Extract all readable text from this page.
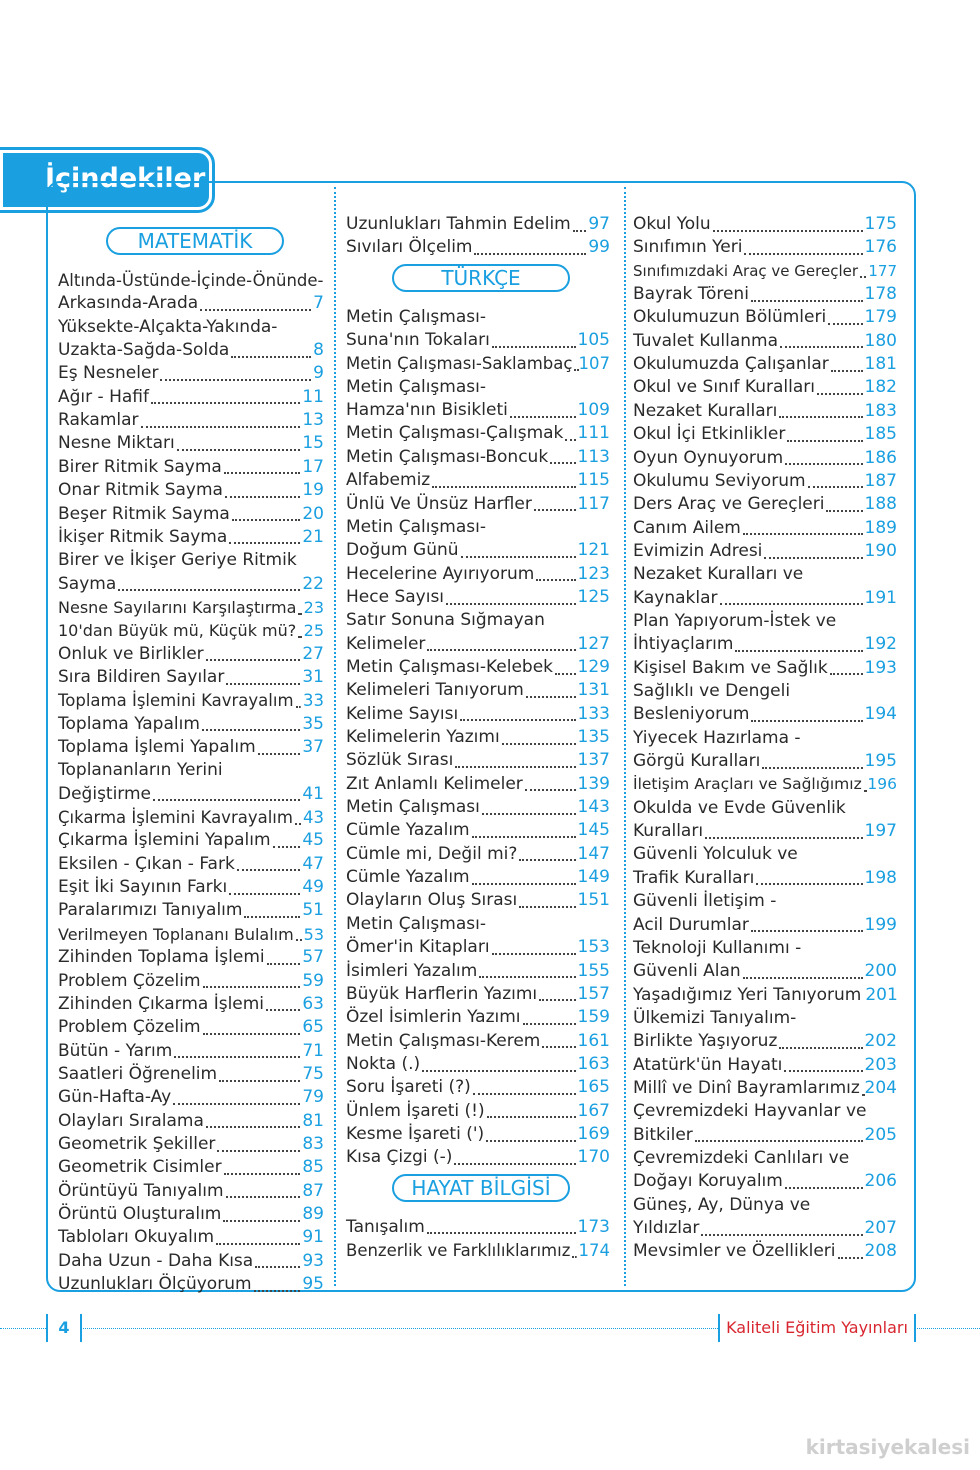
İçindekiler
MATEMATİK
Altında-Üstünde-İçinde-Önünde-
Arkasında-Arada	7
Yüksekte-Alçakta-Yakında-
Uzakta-Sağda-Solda	8
Eş Nesneler	9
Ağır - Hafif	11
Rakamlar	13
Nesne Miktarı	15
Birer Ritmik Sayma	17
Onar Ritmik Sayma	19
Beşer Ritmik Sayma	20
İkişer Ritmik Sayma	21
Birer ve İkişer Geriye Ritmik
Sayma	22
Nesne Sayılarını Karşılaştırma 23
10'dan Büyük mü, Küçük mü? 25
Onluk ve Birlikler	27
Sıra Bildiren Sayılar	31
Toplama İşlemini Kavrayalım 33
Toplama Yapalım	35
Toplama İşlemi Yapalım	37
Toplananların Yerini
Değiştirme	41
Çıkarma İşlemini Kavrayalım 43
Çıkarma İşlemini Yapalım 45
Eksilen - Çıkan - Fark	47
Eşit İki Sayının Farkı	49
Paralarımızı Tanıyalım	51
Verilmeyen Toplananı Bulalım 53
Zihinden Toplama İşlemi 57
Problem Çözelim	59
Zihinden Çıkarma İşlemi 63
Problem Çözelim	65
Bütün - Yarım	71
Saatleri Öğrenelim	75
Gün-Hafta-Ay	79
Olayları Sıralama	81
Geometrik Şekiller	83
Geometrik Cisimler	85
Örüntüyü Tanıyalım	87
Örüntü Oluşturalım	89
Tabloları Okuyalım	91
Daha Uzun - Daha Kısa	93
Uzunlukları Ölçüyorum	95
Uzunlukları Tahmin Edelim 97
Sıvıları Ölçelim	99
TÜRKÇE
Metin Çalışması-
Suna'nın Tokaları	105
Metin Çalışması-Saklambaç 107
Metin Çalışması-
Hamza'nın Bisikleti	109
Metin Çalışması-Çalışmak 111
Metin Çalışması-Boncuk 113
Alfabemiz	115
Ünlü Ve Ünsüz Harfler	117
Metin Çalışması-
Doğum Günü	121
Hecelerine Ayırıyorum	123
Hece Sayısı	125
Satır Sonuna Sığmayan
Kelimeler	127
Metin Çalışması-Kelebek 129
Kelimeleri Tanıyorum	131
Kelime Sayısı	133
Kelimelerin Yazımı	135
Sözlük Sırası	137
Zıt Anlamlı Kelimeler	139
Metin Çalışması	143
Cümle Yazalım	145
Cümle mi, Değil mi?	147
Cümle Yazalım	149
Olayların Oluş Sırası	151
Metin Çalışması-
Ömer'in Kitapları	153
İsimleri Yazalım	155
Büyük Harflerin Yazımı 157
Özel İsimlerin Yazımı	159
Metin Çalışması-Kerem 161
Nokta (.)	163
Soru İşareti (?)	165
Ünlem İşareti (!)	167
Kesme İşareti (')	169
Kısa Çizgi (-)	170
HAYAT BİLGİSİ
Tanışalım	173
Benzerlik ve Farklılıklarımız 174
Okul Yolu	175
Sınıfımın Yeri	176
Sınıfımızdaki Araç ve Gereçler 177
Bayrak Töreni	178
Okulumuzun Bölümleri 179
Tuvalet Kullanma	180
Okulumuzda Çalışanlar 181
Okul ve Sınıf Kuralları	182
Nezaket Kuralları	183
Okul İçi Etkinlikler	185
Oyun Oynuyorum	186
Okulumu Seviyorum	187
Ders Araç ve Gereçleri 188
Canım Ailem	189
Evimizin Adresi	190
Nezaket Kuralları ve
Kaynaklar	191
Plan Yapıyorum-İstek ve
İhtiyaçlarım	192
Kişisel Bakım ve Sağlık 193
Sağlıklı ve Dengeli
Besleniyorum	194
Yiyecek Hazırlama -
Görgü Kuralları	195
İletişim Araçları ve Sağlığımız 196
Okulda ve Evde Güvenlik
Kuralları	197
Güvenli Yolculuk ve
Trafik Kuralları	198
Güvenli İletişim -
Acil Durumlar	199
Teknoloji Kullanımı -
Güvenli Alan	200
Yaşadığımız Yeri Tanıyorum 201
Ülkemizi Tanıyalım-
Birlikte Yaşıyoruz	202
Atatürk'ün Hayatı	203
Millî ve Dinî Bayramlarımız 204
Çevremizdeki Hayvanlar ve
Bitkiler	205
Çevremizdeki Canlıları ve
Doğayı Koruyalım	206
Güneş, Ay, Dünya ve
Yıldızlar	207
Mevsimler ve Özellikleri 208
4	Kaliteli Eğitim Yayınları
kirtasiyekalesi
